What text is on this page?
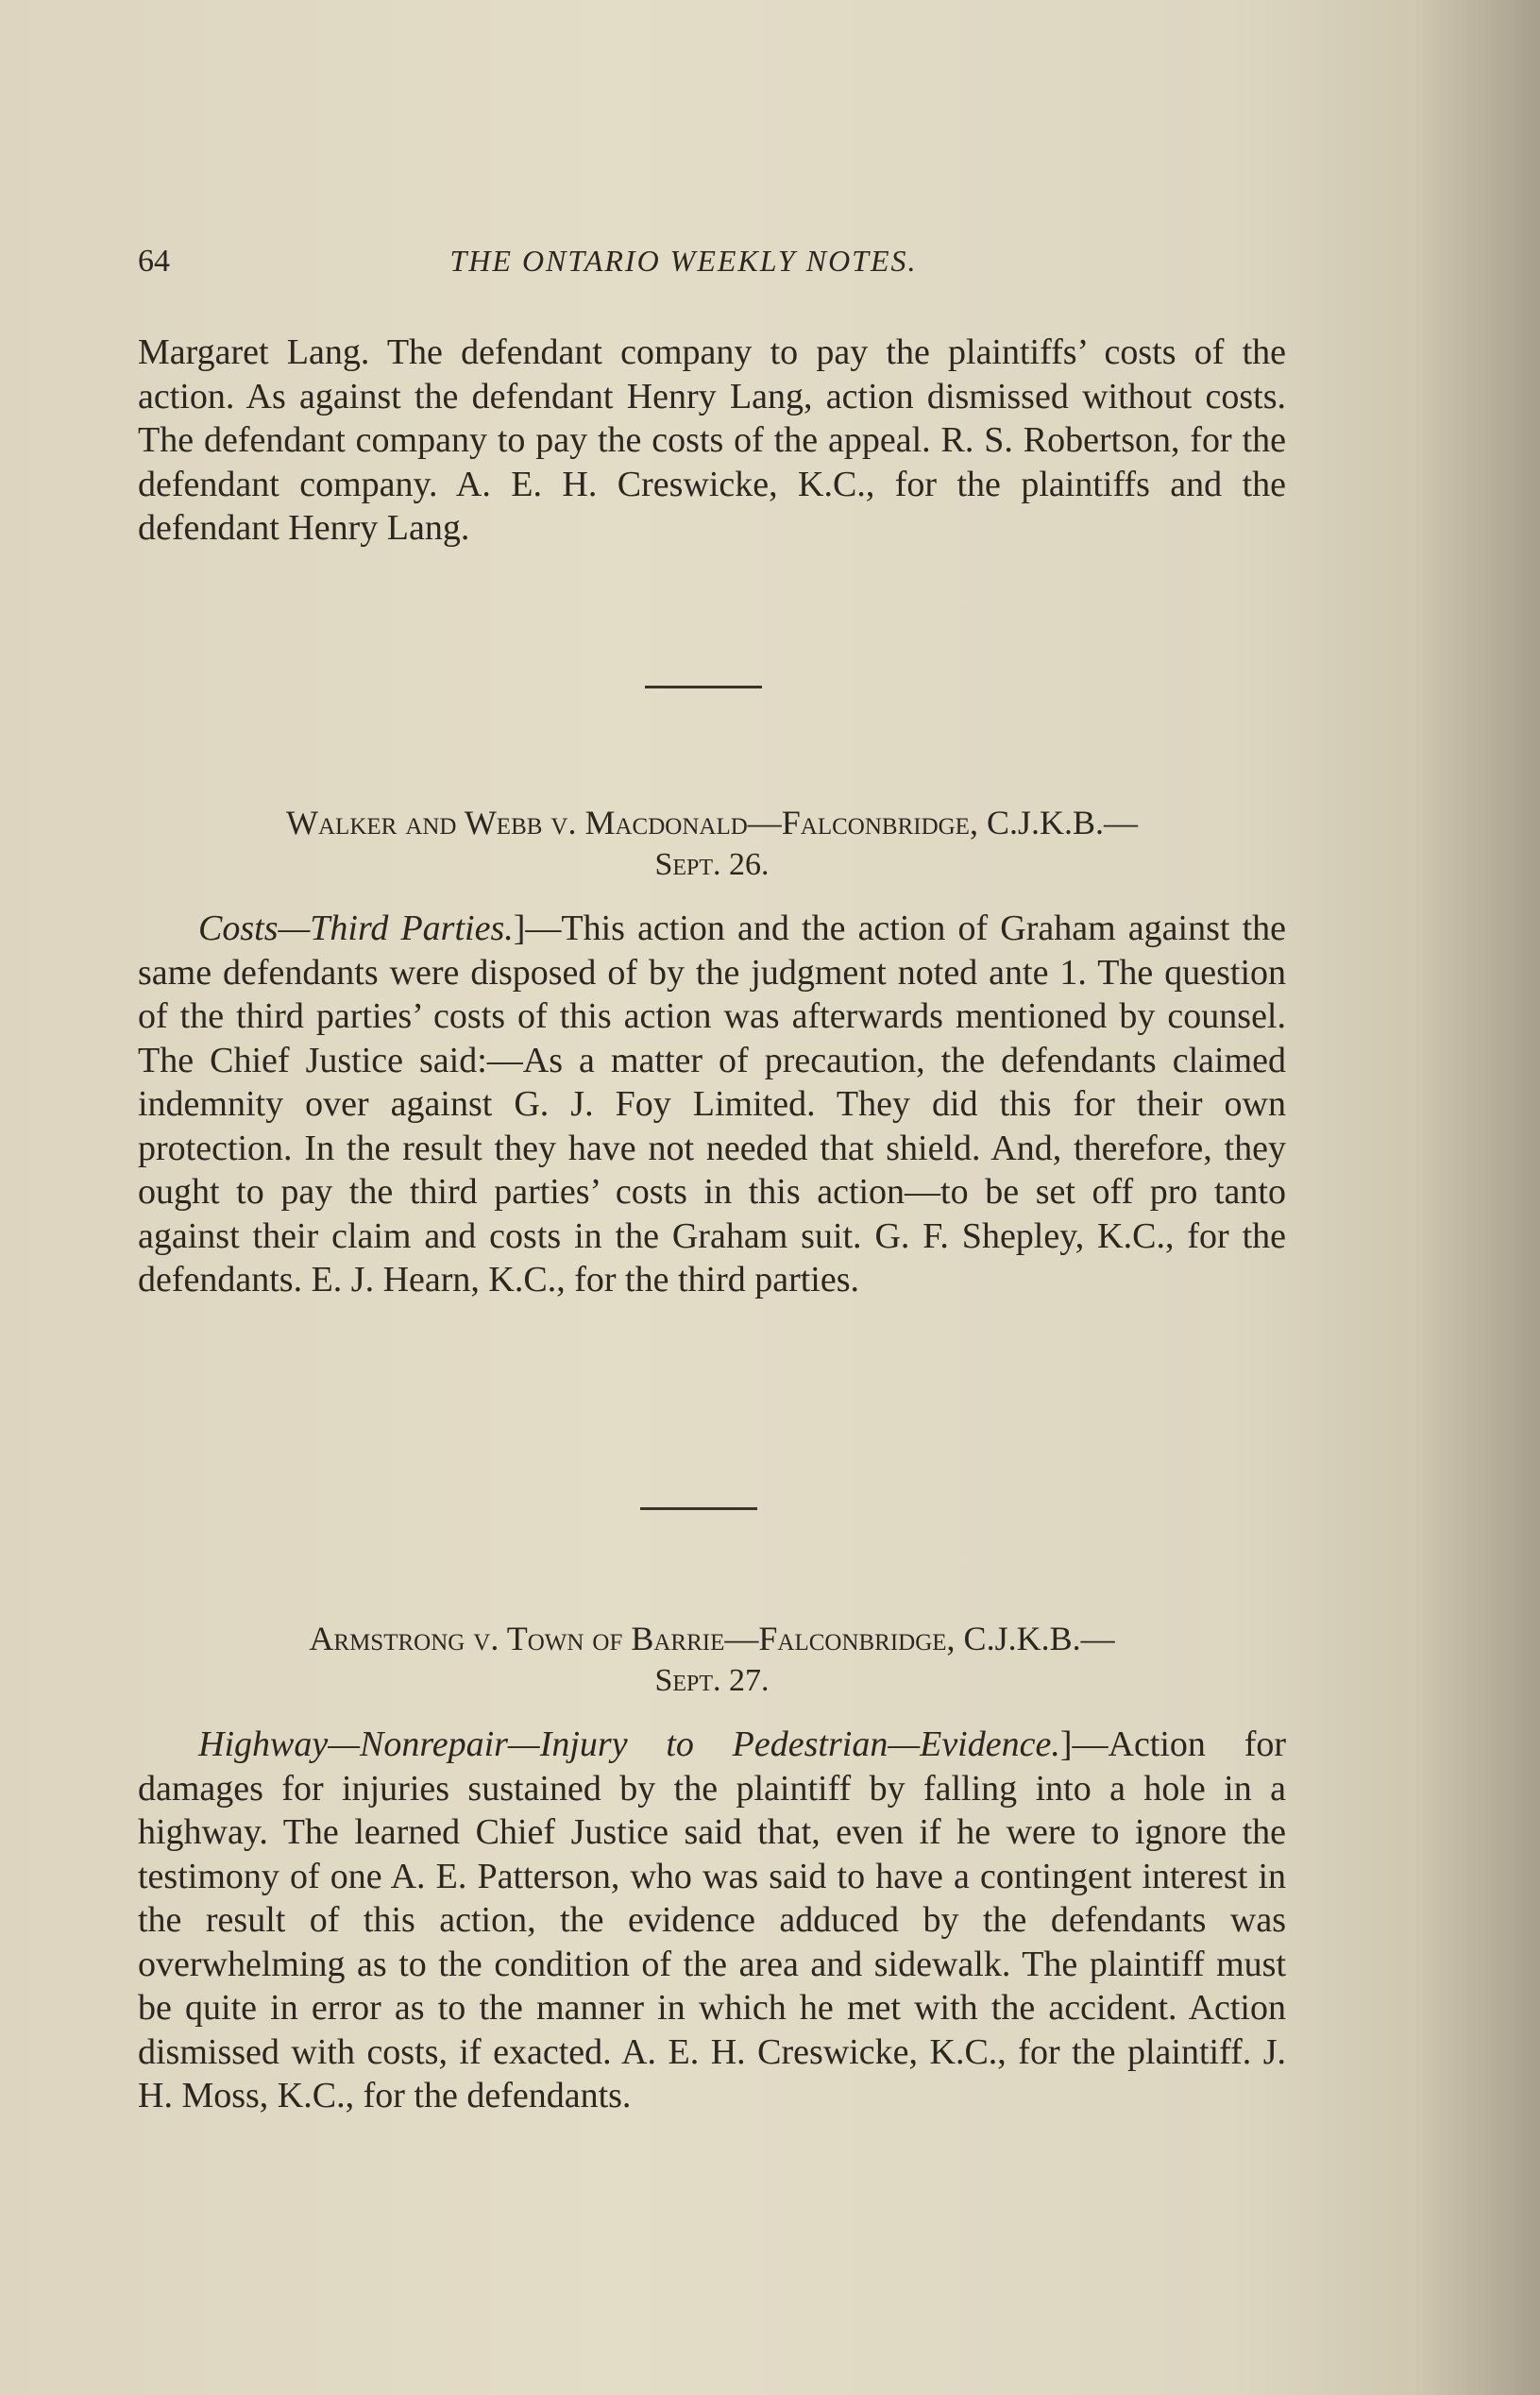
64	THE ONTARIO WEEKLY NOTES.

Margaret Lang. The defendant company to pay the plaintiffs’ costs of the action. As against the defendant Henry Lang, action dismissed without costs. The defendant company to pay the costs of the appeal. R. S. Robertson, for the defendant company. A. E. H. Creswicke, K.C., for the plaintiffs and the defendant Henry Lang.

Walker and Webb v. Macdonald—Falconbridge, C.J.K.B.—

Sept. 26.

Costs—Third Parties.]—This action and the action of Graham against the same defendants were disposed of by the judgment noted ante 1. The question of the third parties’ costs of this action was afterwards mentioned by counsel. The Chief Justice said:—As a matter of precaution, the defendants claimed indemnity over against G. J. Foy Limited. They did this for their own protection. In the result they have not needed that shield. And, therefore, they ought to pay the third parties’ costs in this action—to be set off pro tanto against their claim and costs in the Graham suit. G. F. Shepley, K.C., for the defendants. E. J. Hearn, K.C., for the third parties.

Armstrong v. Town of Barrie—Falconbridge, C.J.K.B.—

Sept. 27.

Highway—Nonrepair—Injury to Pedestrian—Evidence.]—Action for damages for injuries sustained by the plaintiff by falling into a hole in a highway. The learned Chief Justice said that, even if he were to ignore the testimony of one A. E. Patterson, who was said to have a contingent interest in the result of this action, the evidence adduced by the defendants was overwhelming as to the condition of the area and sidewalk. The plaintiff must be quite in error as to the manner in which he met with the accident. Action dismissed with costs, if exacted. A. E. H. Creswicke, K.C., for the plaintiff. J. H. Moss, K.C., for the defendants.
